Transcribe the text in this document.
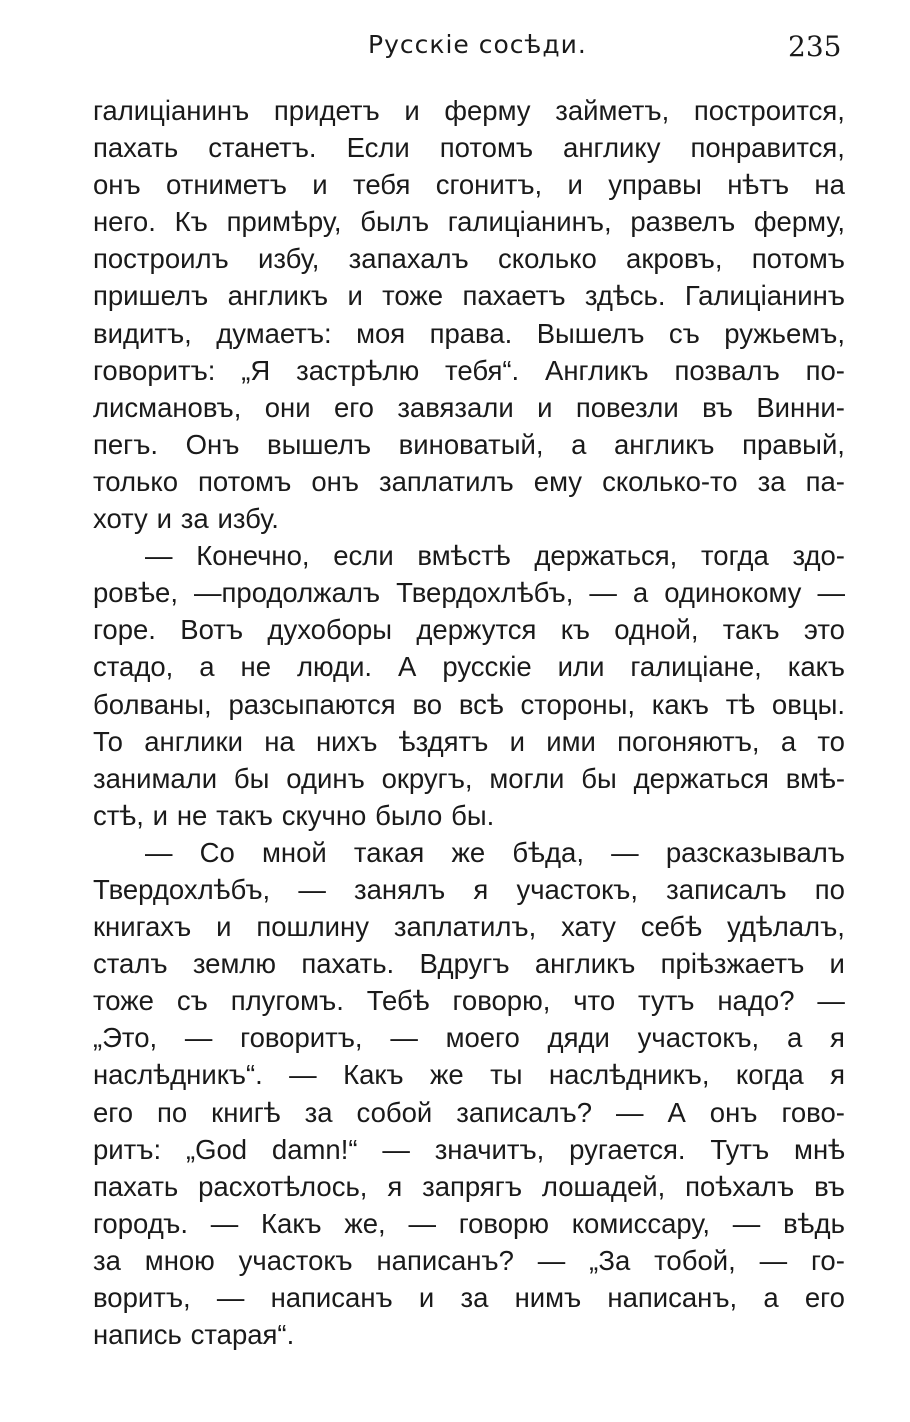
Русскіе сосѣди.	235
галиціанинъ придетъ и ферму займетъ, построится,
пахать станетъ. Если потомъ англику понравится,
онъ отниметъ и тебя сгонитъ, и управы нѣтъ на
него. Къ примѣру, былъ галиціанинъ, развелъ ферму,
построилъ избу, запахалъ сколько акровъ, потомъ
пришелъ англикъ и тоже пахаетъ здѣсь. Галиціанинъ
видитъ, думаетъ: моя права. Вышелъ съ ружьемъ,
говоритъ: „Я застрѣлю тебя“. Англикъ позвалъ по-
лисмановъ, они его завязали и повезли въ Винни-
пегъ. Онъ вышелъ виноватый, а англикъ правый,
только потомъ онъ заплатилъ ему сколько-то за па-
хоту и за избу.
— Конечно, если вмѣстѣ держаться, тогда здо-
ровѣе, —продолжалъ Твердохлѣбъ, — а одинокому —
горе. Вотъ духоборы держутся къ одной, такъ это
стадо, а не люди. А русскіе или галиціане, какъ
болваны, разсыпаются во всѣ стороны, какъ тѣ овцы.
То англики на нихъ ѣздятъ и ими погоняютъ, а то
занимали бы одинъ округъ, могли бы держаться вмѣ-
стѣ, и не такъ скучно было бы.
— Со мной такая же бѣда, — разсказывалъ
Твердохлѣбъ, — занялъ я участокъ, записалъ по
книгахъ и пошлину заплатилъ, хату себѣ удѣлалъ,
сталъ землю пахать. Вдругъ англикъ пріѣзжаетъ и
тоже съ плугомъ. Тебѣ говорю, что тутъ надо? —
„Это, — говоритъ, — моего дяди участокъ, а я
наслѣдникъ“. — Какъ же ты наслѣдникъ, когда я
его по книгѣ за собой записалъ? — А онъ гово-
ритъ: „God damn!“ — значитъ, ругается. Тутъ мнѣ
пахать расхотѣлось, я запрягъ лошадей, поѣхалъ въ
городъ. — Какъ же, — говорю комиссару, — вѣдь
за мною участокъ написанъ? — „За тобой, — го-
воритъ, — написанъ и за нимъ написанъ, а его
напись старая“.
